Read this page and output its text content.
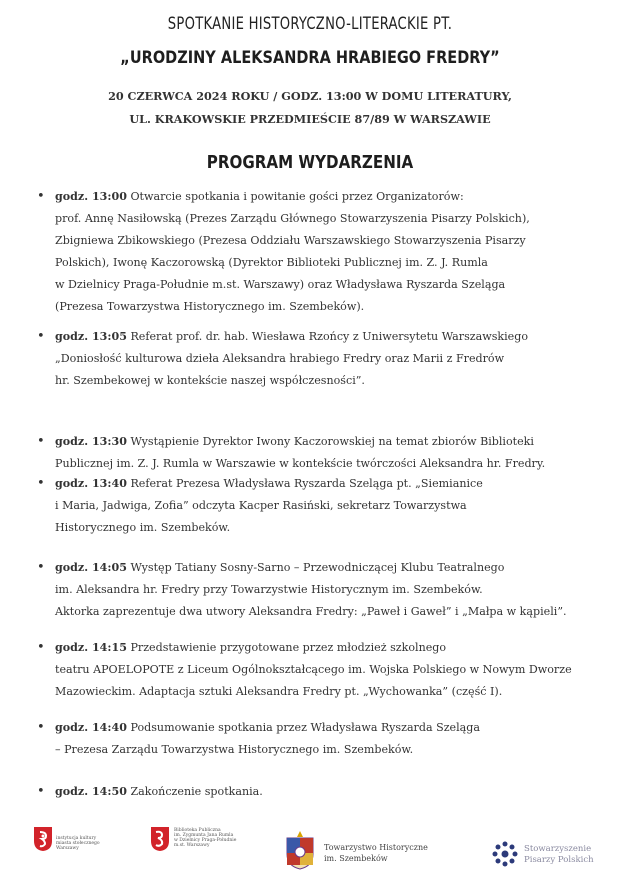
SPOTKANIE HISTORYCZNO-LITERACKIE PT.
„URODZINY ALEKSANDRA HRABIEGO FREDRY”
20 CZERWCA 2024 ROKU / GODZ. 13:00 W DOMU LITERATURY,
UL. KRAKOWSKIE PRZEDMIEŚCIE 87/89 W WARSZAWIE
PROGRAM WYDARZENIA
• godz. 13:00 Otwarcie spotkania i powitanie gości przez Organizatorów:
prof. Annę Nasiłowską (Prezes Zarządu Głównego Stowarzyszenia Pisarzy Polskich),
Zbigniewa Zbikowskiego (Prezesa Oddziału Warszawskiego Stowarzyszenia Pisarzy
Polskich), Iwonę Kaczorowską (Dyrektor Biblioteki Publicznej im. Z. J. Rumla
w Dzielnicy Praga-Południe m.st. Warszawy) oraz Władysława Ryszarda Szeląga
(Prezesa Towarzystwa Historycznego im. Szembeków).
• godz. 13:05 Referat prof. dr. hab. Wiesława Rzońcy z Uniwersytetu Warszawskiego
„Doniosłość kulturowa dzieła Aleksandra hrabiego Fredry oraz Marii z Fredrów
hr. Szembekowej w kontekście naszej współczesności”.
• godz. 13:30 Wystąpienie Dyrektor Iwony Kaczorowskiej na temat zbiorów Biblioteki
Publicznej im. Z. J. Rumla w Warszawie w kontekście twórczości Aleksandra hr. Fredry.
• godz. 13:40 Referat Prezesa Władysława Ryszarda Szeląga pt. „Siemianice
i Maria, Jadwiga, Zofia” odczyta Kacper Rasiński, sekretarz Towarzystwa
Historycznego im. Szembeków.
• godz. 14:05 Występ Tatiany Sosny-Sarno – Przewodniczącej Klubu Teatralnego
im. Aleksandra hr. Fredry przy Towarzystwie Historycznym im. Szembeków.
Aktorka zaprezentuje dwa utwory Aleksandra Fredry: „Paweł i Gaweł” i „Małpa w kąpieli”.
• godz. 14:15 Przedstawienie przygotowane przez młodzież szkolnego
teatru APOELOPOTE z Liceum Ogólnokształcącego im. Wojska Polskiego w Nowym Dworze
Mazowieckim. Adaptacja sztuki Aleksandra Fredry pt. „Wychowanka” (część I).
• godz. 14:40 Podsumowanie spotkania przez Władysława Ryszarda Szeląga
– Prezesa Zarządu Towarzystwa Historycznego im. Szembeków.
• godz. 14:50 Zakończenie spotkania.
instytucja kultury
miasta stołecznego
Warszawy
Biblioteka Publiczna
im. Zygmunta Jana Rumla
w Dzielnicy Praga-Południe
m.st. Warszawy	Towarzystwo Historyczne
im. Szembeków
Stowarzyszenie
Pisarzy Polskich
